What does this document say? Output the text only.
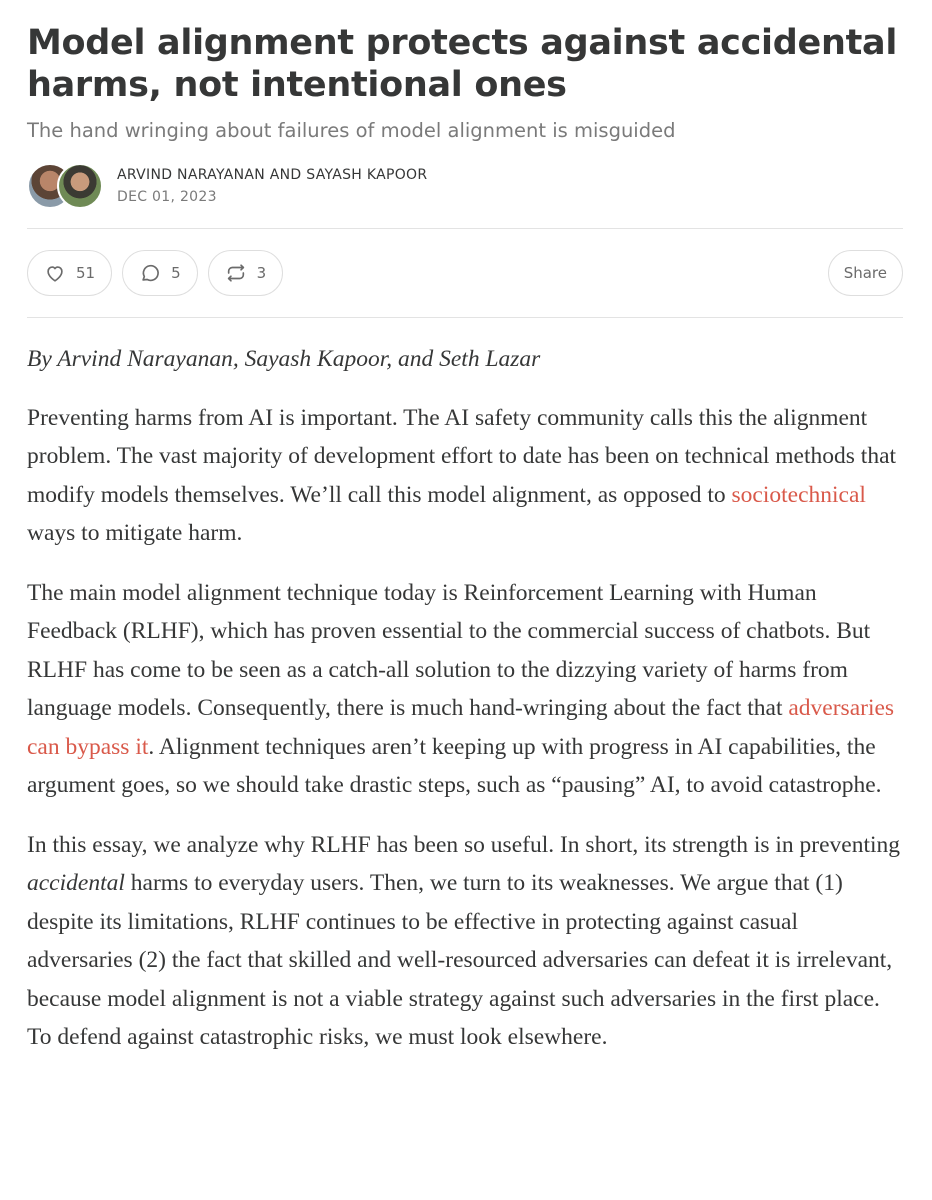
Model alignment protects against accidental harms, not intentional ones
The hand wringing about failures of model alignment is misguided
ARVIND NARAYANAN AND SAYASH KAPOOR
DEC 01, 2023
51	5	3	Share

By Arvind Narayanan, Sayash Kapoor, and Seth Lazar

Preventing harms from AI is important. The AI safety community calls this the alignment problem. The vast majority of development effort to date has been on technical methods that modify models themselves. We’ll call this model alignment, as opposed to sociotechnical ways to mitigate harm.

The main model alignment technique today is Reinforcement Learning with Human Feedback (RLHF), which has proven essential to the commercial success of chatbots. But RLHF has come to be seen as a catch-all solution to the dizzying variety of harms from language models. Consequently, there is much hand-wringing about the fact that adversaries can bypass it. Alignment techniques aren’t keeping up with progress in AI capabilities, the argument goes, so we should take drastic steps, such as “pausing” AI, to avoid catastrophe.

In this essay, we analyze why RLHF has been so useful. In short, its strength is in preventing accidental harms to everyday users. Then, we turn to its weaknesses. We argue that (1) despite its limitations, RLHF continues to be effective in protecting against casual adversaries (2) the fact that skilled and well-resourced adversaries can defeat it is irrelevant, because model alignment is not a viable strategy against such adversaries in the first place. To defend against catastrophic risks, we must look elsewhere.
